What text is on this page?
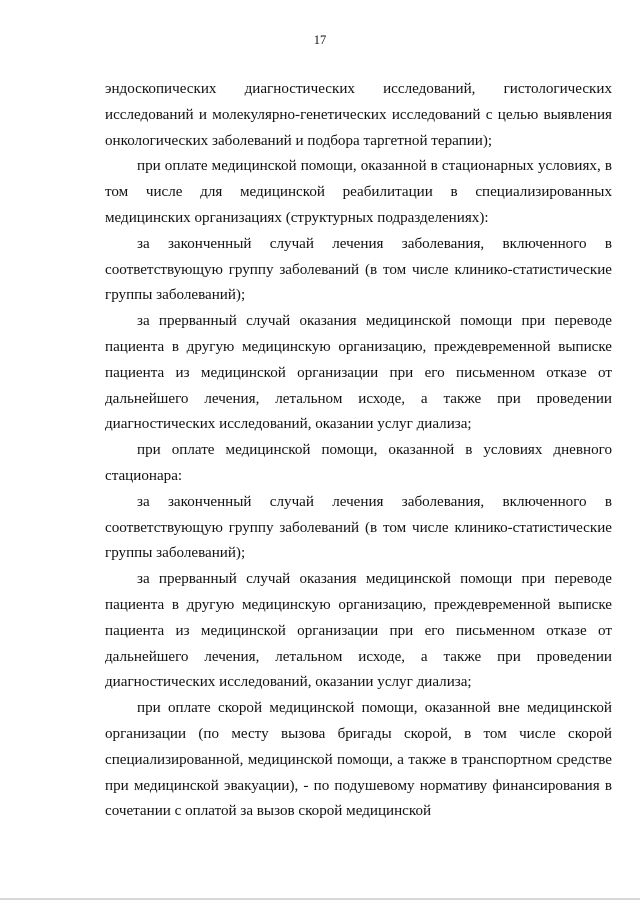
17

эндоскопических диагностических исследований, гистологических исследований и молекулярно-генетических исследований с целью выявления онкологических заболеваний и подбора таргетной терапии);

при оплате медицинской помощи, оказанной в стационарных условиях, в том числе для медицинской реабилитации в специализированных медицинских организациях (структурных подразделениях):

за законченный случай лечения заболевания, включенного в соответствующую группу заболеваний (в том числе клинико-статистические группы заболеваний);

за прерванный случай оказания медицинской помощи при переводе пациента в другую медицинскую организацию, преждевременной выписке пациента из медицинской организации при его письменном отказе от дальнейшего лечения, летальном исходе, а также при проведении диагностических исследований, оказании услуг диализа;

при оплате медицинской помощи, оказанной в условиях дневного стационара:

за законченный случай лечения заболевания, включенного в соответствующую группу заболеваний (в том числе клинико-статистические группы заболеваний);

за прерванный случай оказания медицинской помощи при переводе пациента в другую медицинскую организацию, преждевременной выписке пациента из медицинской организации при его письменном отказе от дальнейшего лечения, летальном исходе, а также при проведении диагностических исследований, оказании услуг диализа;

при оплате скорой медицинской помощи, оказанной вне медицинской организации (по месту вызова бригады скорой, в том числе скорой специализированной, медицинской помощи, а также в транспортном средстве при медицинской эвакуации), - по подушевому нормативу финансирования в сочетании с оплатой за вызов скорой медицинской
